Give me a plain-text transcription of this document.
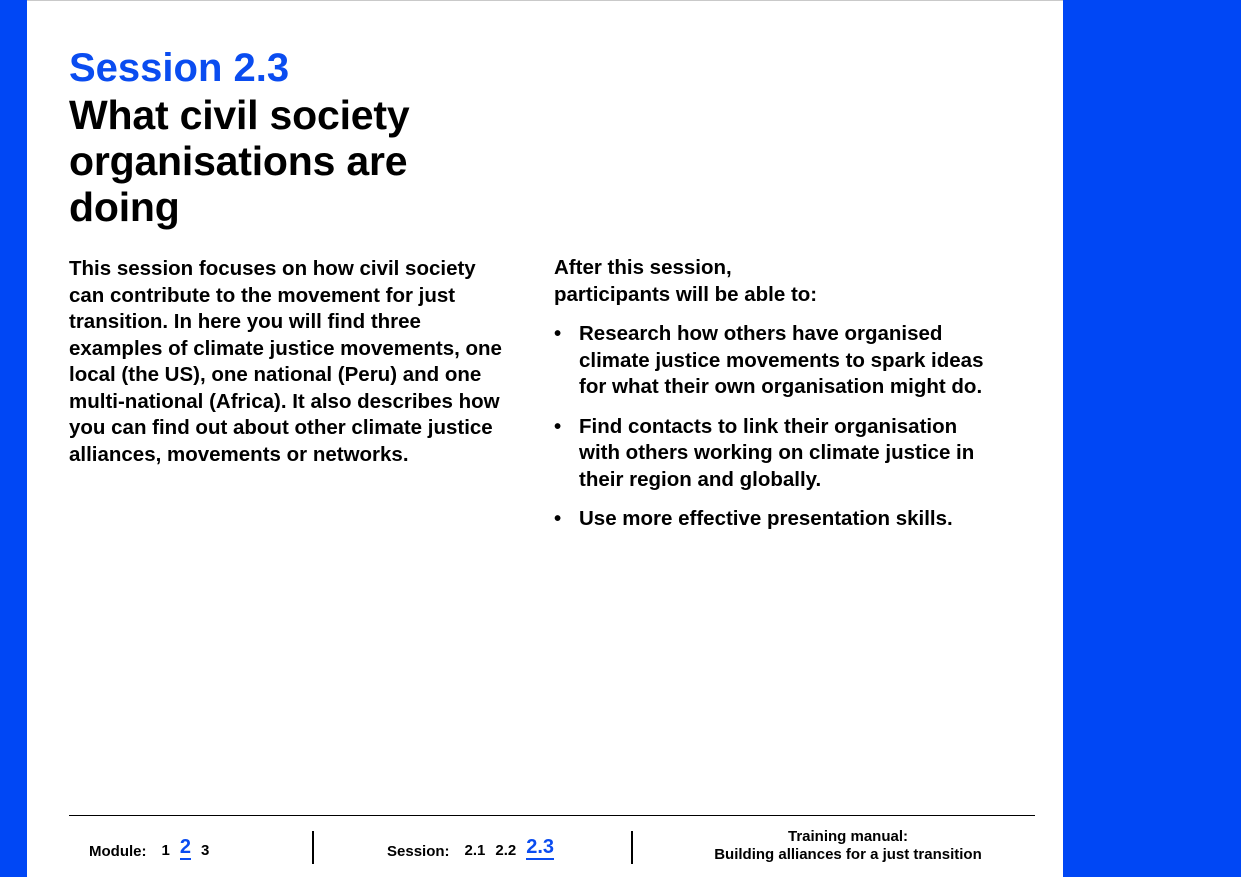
Session 2.3
What civil society organisations are doing

This session focuses on how civil society can contribute to the movement for just transition. In here you will find three examples of climate justice movements, one local (the US), one national (Peru) and one multi-national (Africa). It also describes how you can find out about other climate justice alliances, movements or networks.

After this session,
participants will be able to:

• Research how others have organised climate justice movements to spark ideas for what their own organisation might do.
• Find contacts to link their organisation with others working on climate justice in their region and globally.
• Use more effective presentation skills.
Module: 1 2 3	Session: 2.1 2.2 2.3	Training manual:
Building alliances for a just transition
